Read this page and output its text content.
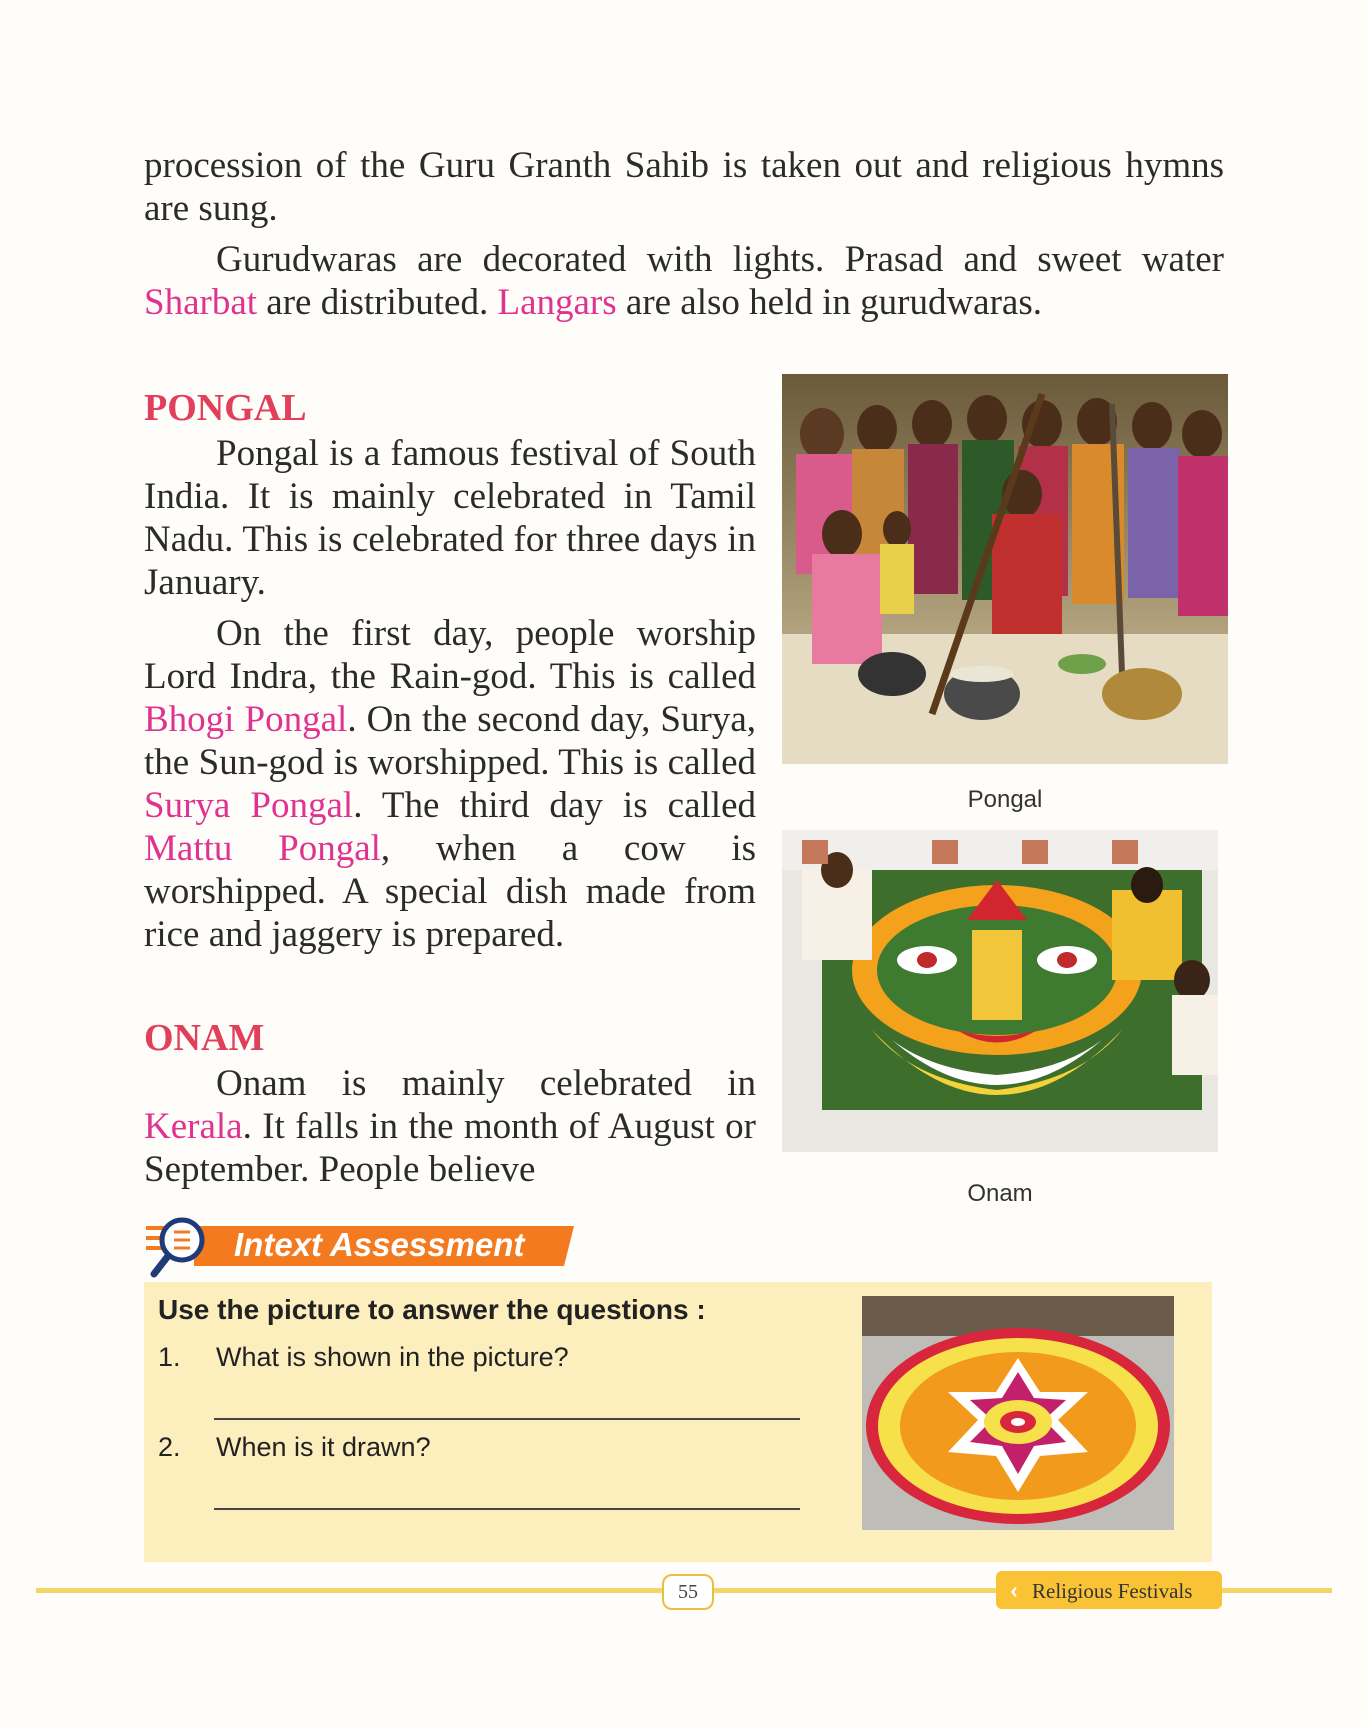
procession of the Guru Granth Sahib is taken out and religious hymns are sung.

Gurudwaras are decorated with lights. Prasad and sweet water Sharbat are distributed. Langars are also held in gurudwaras.

PONGAL

Pongal is a famous festival of South India. It is mainly celebrated in Tamil Nadu. This is celebrated for three days in January.

On the first day, people worship Lord Indra, the Rain-god. This is called Bhogi Pongal. On the second day, Surya, the Sun-god is worshipped. This is called Surya Pongal. The third day is called Mattu Pongal, when a cow is worshipped. A special dish made from rice and jaggery is prepared.

ONAM

Onam is mainly celebrated in Kerala. It falls in the month of August or September. People believe

Pongal
Onam
Intext Assessment
Use the picture to answer the questions :
1. What is shown in the picture?
2. When is it drawn?
55	‹ Religious Festivals
